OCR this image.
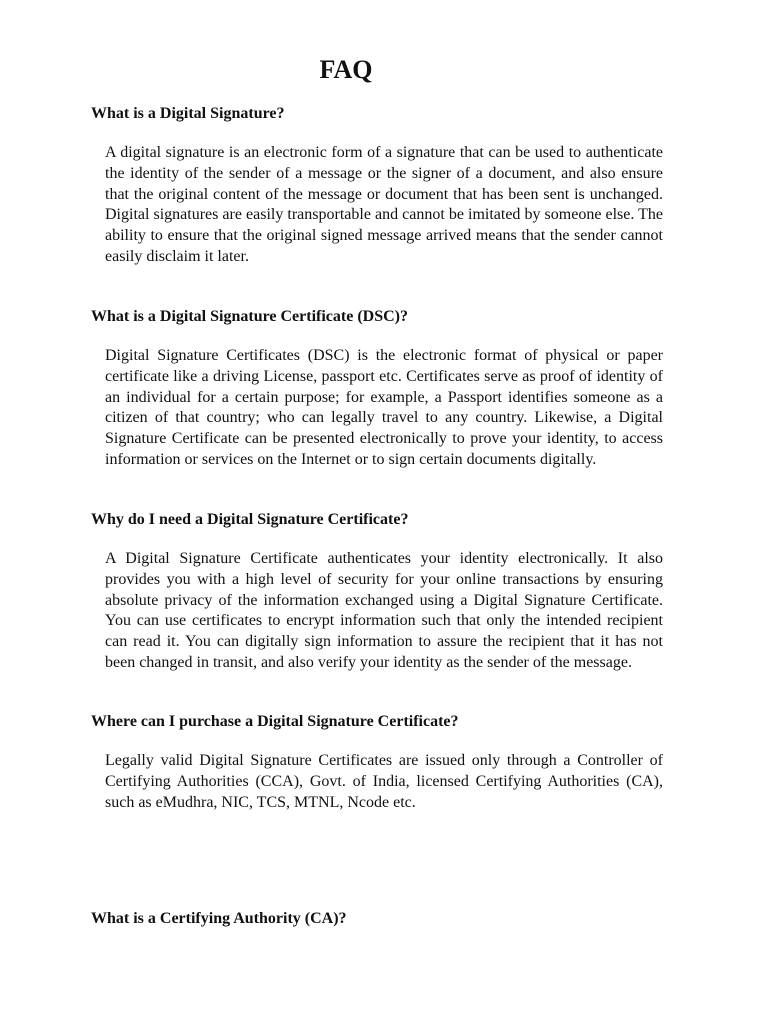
FAQ
What is a Digital Signature?

A digital signature is an electronic form of a signature that can be used to authenticate the identity of the sender of a message or the signer of a document, and also ensure that the original content of the message or document that has been sent is unchanged. Digital signatures are easily transportable and cannot be imitated by someone else. The ability to ensure that the original signed message arrived means that the sender cannot easily disclaim it later.

What is a Digital Signature Certificate (DSC)?

Digital Signature Certificates (DSC) is the electronic format of physical or paper certificate like a driving License, passport etc. Certificates serve as proof of identity of an individual for a certain purpose; for example, a Passport identifies someone as a citizen of that country; who can legally travel to any country. Likewise, a Digital Signature Certificate can be presented electronically to prove your identity, to access information or services on the Internet or to sign certain documents digitally.

Why do I need a Digital Signature Certificate?

A Digital Signature Certificate authenticates your identity electronically. It also provides you with a high level of security for your online transactions by ensuring absolute privacy of the information exchanged using a Digital Signature Certificate. You can use certificates to encrypt information such that only the intended recipient can read it. You can digitally sign information to assure the recipient that it has not been changed in transit, and also verify your identity as the sender of the message.

Where can I purchase a Digital Signature Certificate?

Legally valid Digital Signature Certificates are issued only through a Controller of Certifying Authorities (CCA), Govt. of India, licensed Certifying Authorities (CA), such as eMudhra, NIC, TCS, MTNL, Ncode etc.

What is a Certifying Authority (CA)?
